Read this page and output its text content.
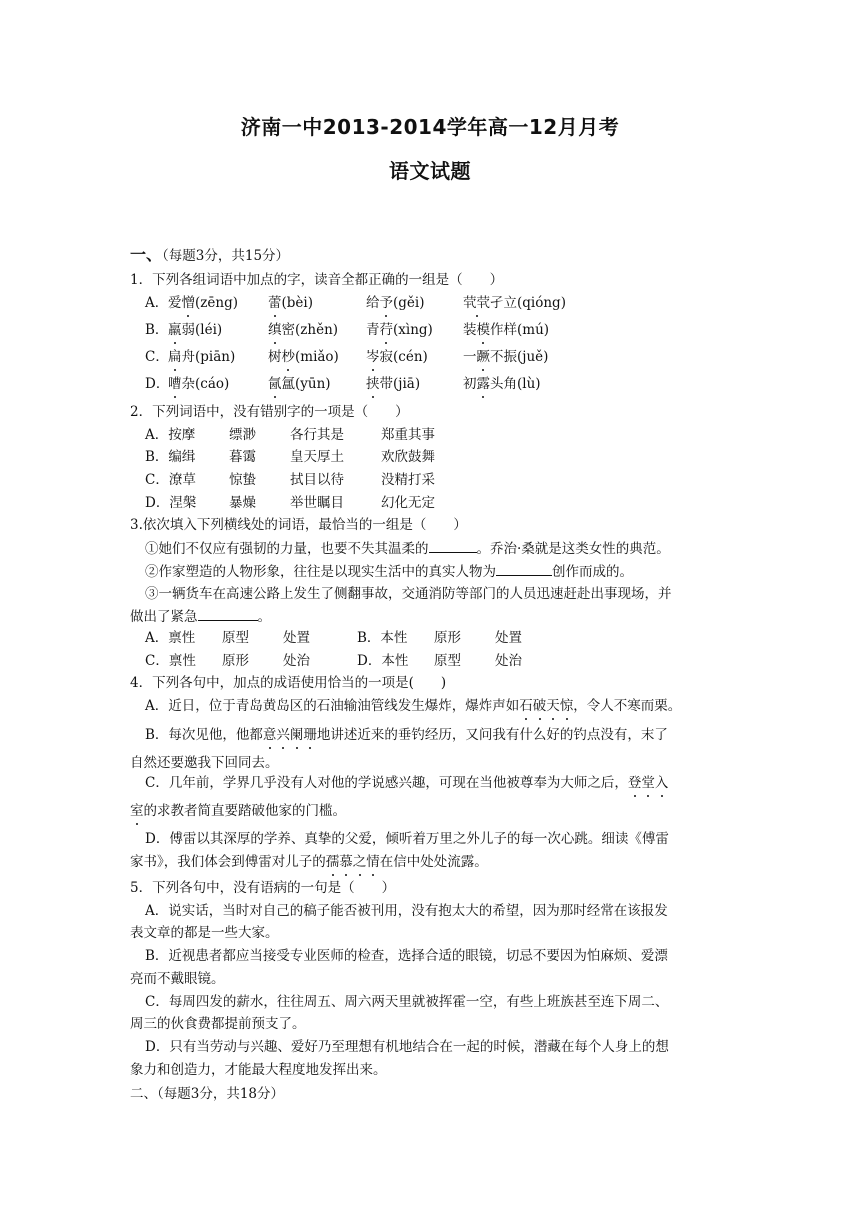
济南一中2013-2014学年高一12月月考
语文试题
一、（每题3分，共15分）
1．下列各组词语中加点的字，读音全都正确的一组是（　　）
A． 爱憎(zēng) 蕾(bèi)	给予(gěi)	茕茕孑立(qióng)
B． 羸弱(léi)	缜密(zhěn) 青荇(xìng) 装模作样(mú)
C． 扁舟(piān) 树杪(miǎo) 岑寂(cén)	一蹶不振(juě)
D．
嘈杂(cáo)	氤氲(yūn)	挟带(jiā)	初露头角(lù)
2．下列词语中，没有错别字的一项是（　　）
A．按摩	缥渺	各行其是	郑重其事
B．编缉 暮霭	皇天厚土	欢欣鼓舞
C．潦草 惊蛰	拭目以待	没精打采
D．涅槃 暴燥	举世瞩目	幻化无定
3.依次填入下列横线处的词语，最恰当的一组是（　　）
①她们不仅应有强韧的力量，也要不失其温柔的	。乔治·桑就是这类女性的典范。
②作家塑造的人物形象，往往是以现实生活中的真实人物为	创作而成的。
③一辆货车在高速公路上发生了侧翻事故，交通消防等部门的人员迅速赶赴出事现场，并
做出了紧急	。
A．禀性 原型	处置	B．本性 原形	处置
C．禀性 原形	处治	D．本性 原型	处治
4．下列各句中，加点的成语使用恰当的一项是(　　)
A．近日，位于青岛黄岛区的石油输油管线发生爆炸，爆炸声如石破天惊，令人不寒而栗。
B．每次见他，他都意兴阑珊地讲述近来的垂钓经历，又问我有什么好的钓点没有，末了
自然还要邀我下回同去。
C．几年前，学界几乎没有人对他的学说感兴趣，可现在当他被尊奉为大师之后，登堂入
室的求教者简直要踏破他家的门槛。
D．傅雷以其深厚的学养、真挚的父爱，倾听着万里之外儿子的每一次心跳。细读《傅雷
家书》，我们体会到傅雷对儿子的孺慕之情在信中处处流露。
5．下列各句中，没有语病的一句是（　　）
A．说实话，当时对自己的稿子能否被刊用，没有抱太大的希望，因为那时经常在该报发
表文章的都是一些大家。
B．近视患者都应当接受专业医师的检查，选择合适的眼镜，切忌不要因为怕麻烦、爱漂
亮而不戴眼镜。
C．每周四发的薪水，往往周五、周六两天里就被挥霍一空，有些上班族甚至连下周二、
周三的伙食费都提前预支了。
D．只有当劳动与兴趣、爱好乃至理想有机地结合在一起的时候，潜藏在每个人身上的想
象力和创造力，才能最大程度地发挥出来。
二、（每题3分，共18分）
